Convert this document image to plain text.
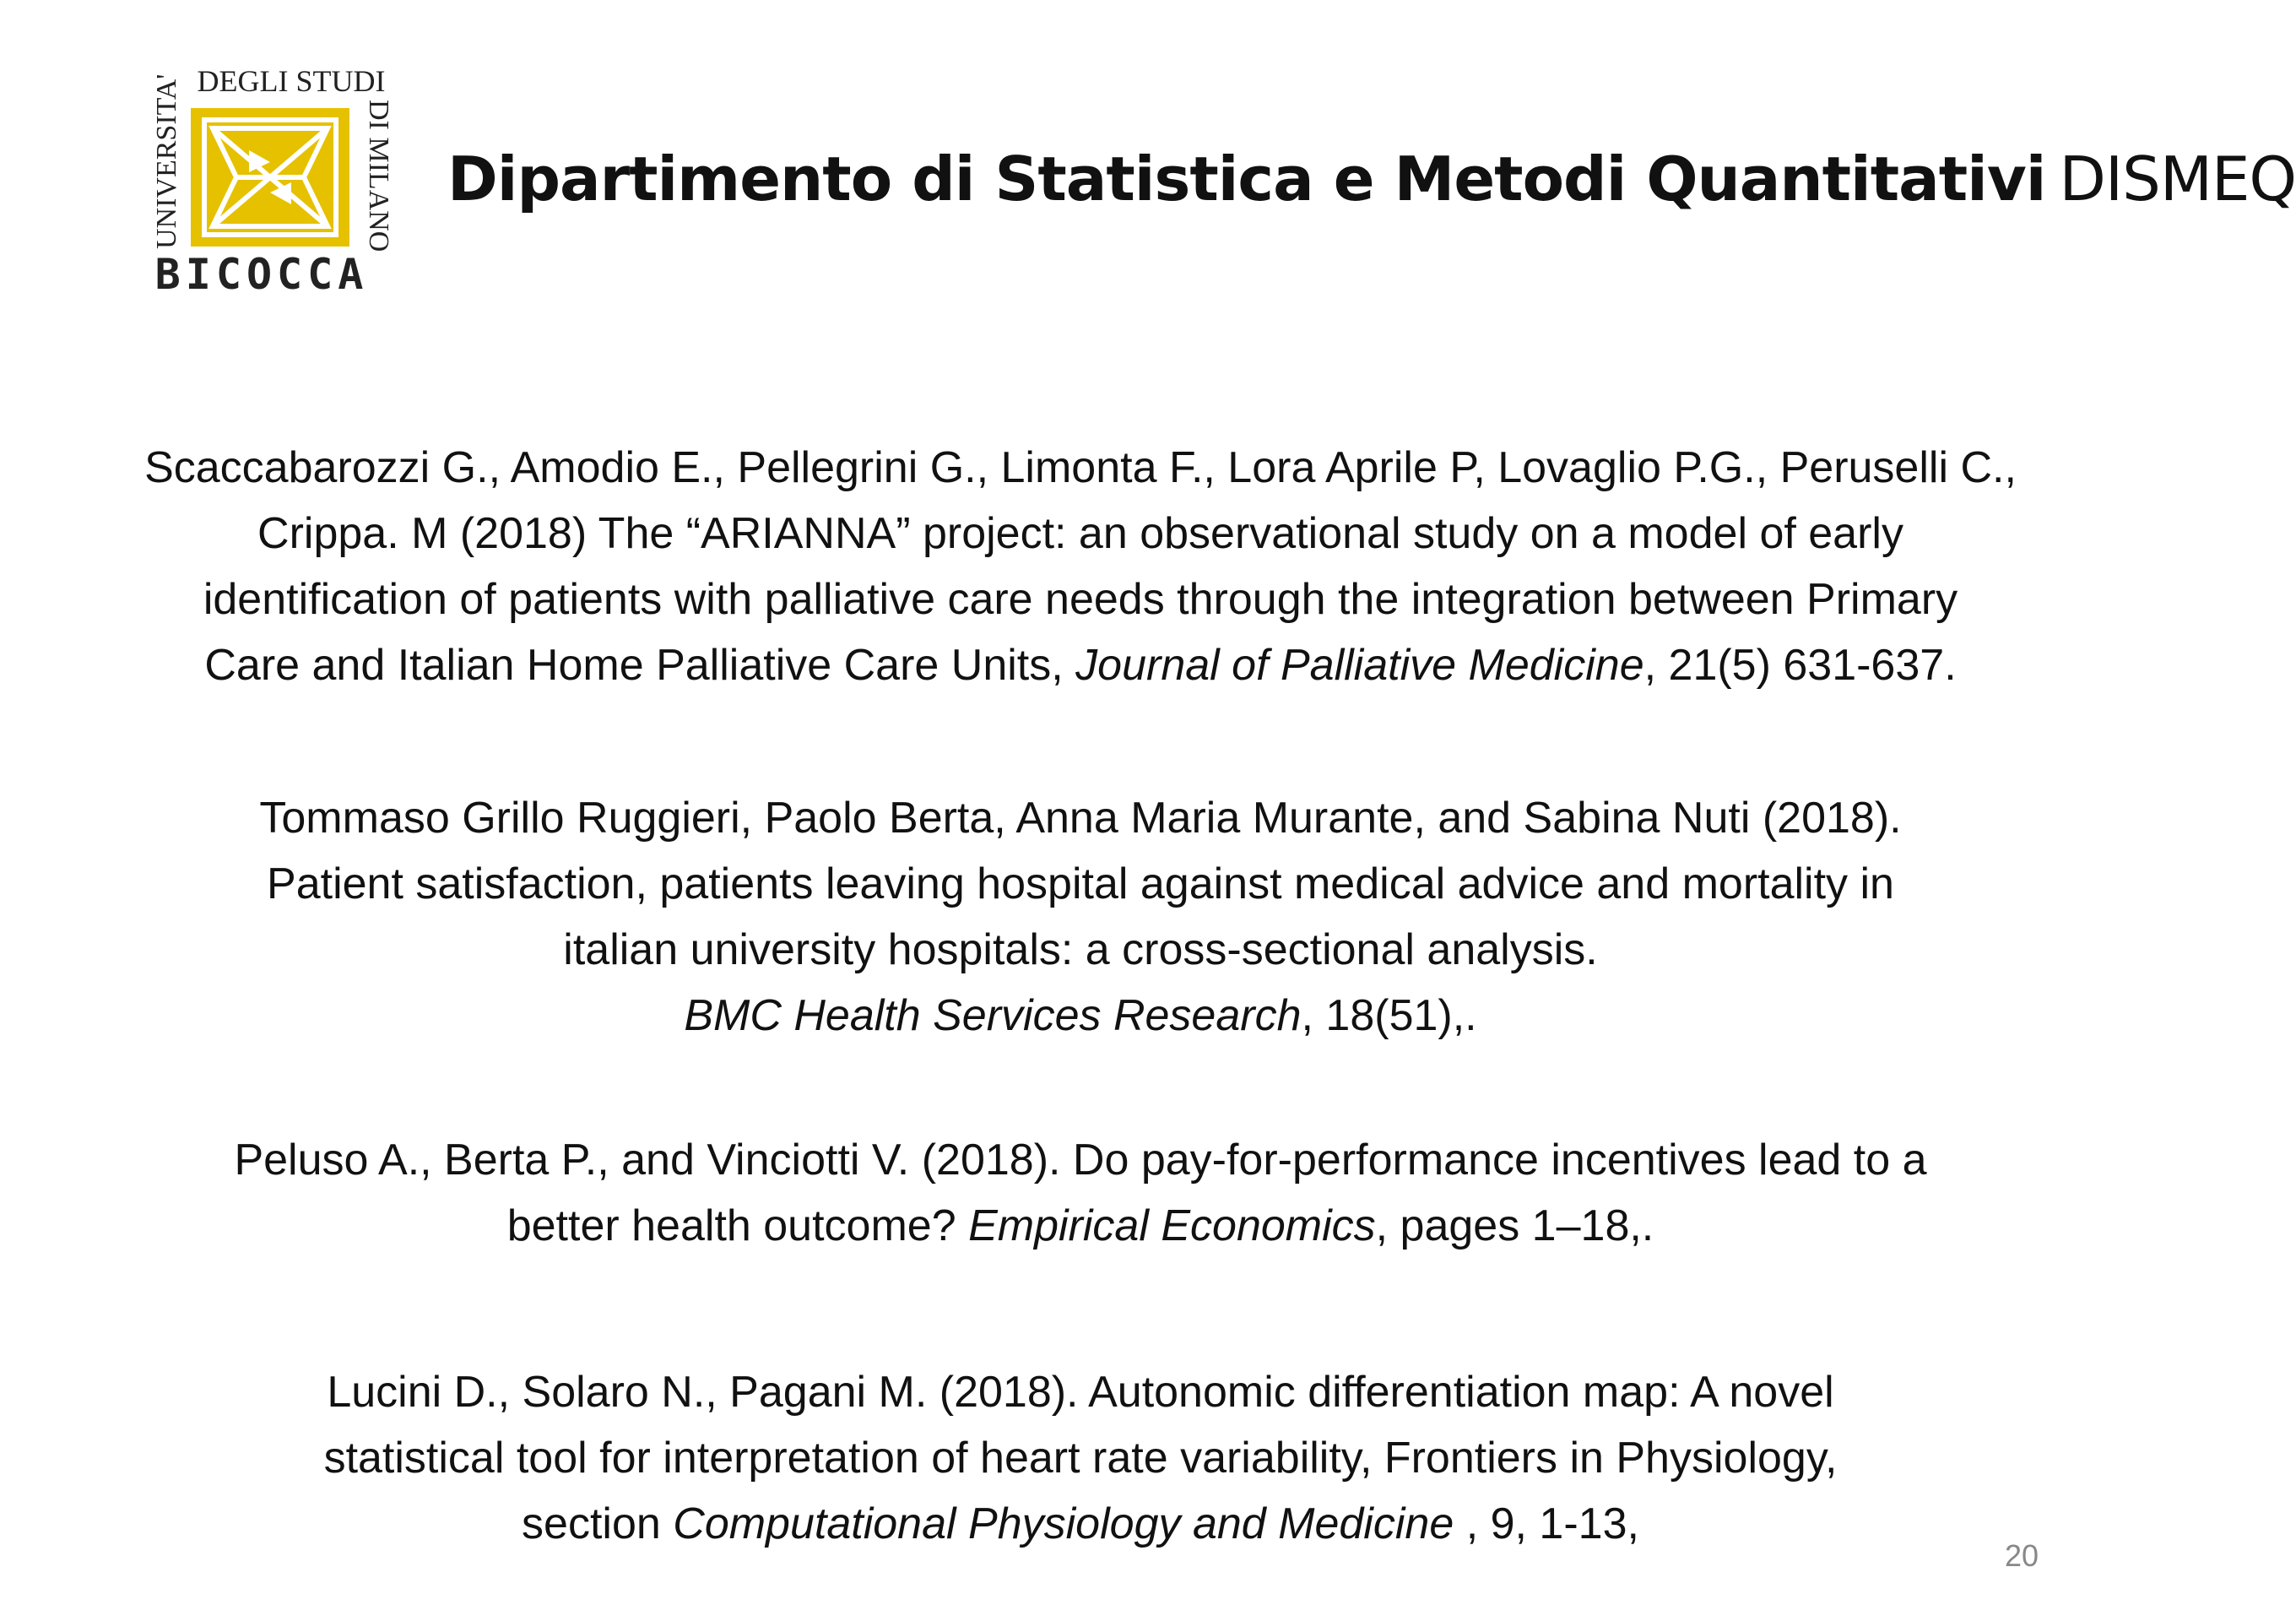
DEGLI STUDI
UNIVERSITA'	DI MILANO
BICOCCA
Dipartimento di Statistica e Metodi Quantitativi DISMEQ
Scaccabarozzi G., Amodio E., Pellegrini G., Limonta F., Lora Aprile P, Lovaglio P.G., Peruselli C.,
Crippa. M (2018) The “ARIANNA” project: an observational study on a model of early
identification of patients with palliative care needs through the integration between Primary
Care and Italian Home Palliative Care Units, Journal of Palliative Medicine, 21(5) 631-637.
Tommaso Grillo Ruggieri, Paolo Berta, Anna Maria Murante, and Sabina Nuti (2018).
Patient satisfaction, patients leaving hospital against medical advice and mortality in
italian university hospitals: a cross-sectional analysis.
BMC Health Services Research, 18(51),.
Peluso A., Berta P., and Vinciotti V. (2018). Do pay-for-performance incentives lead to a
better health outcome? Empirical Economics, pages 1–18,.
Lucini D., Solaro N., Pagani M. (2018). Autonomic differentiation map: A novel
statistical tool for interpretation of heart rate variability, Frontiers in Physiology,
section Computational Physiology and Medicine , 9, 1-13,
20
